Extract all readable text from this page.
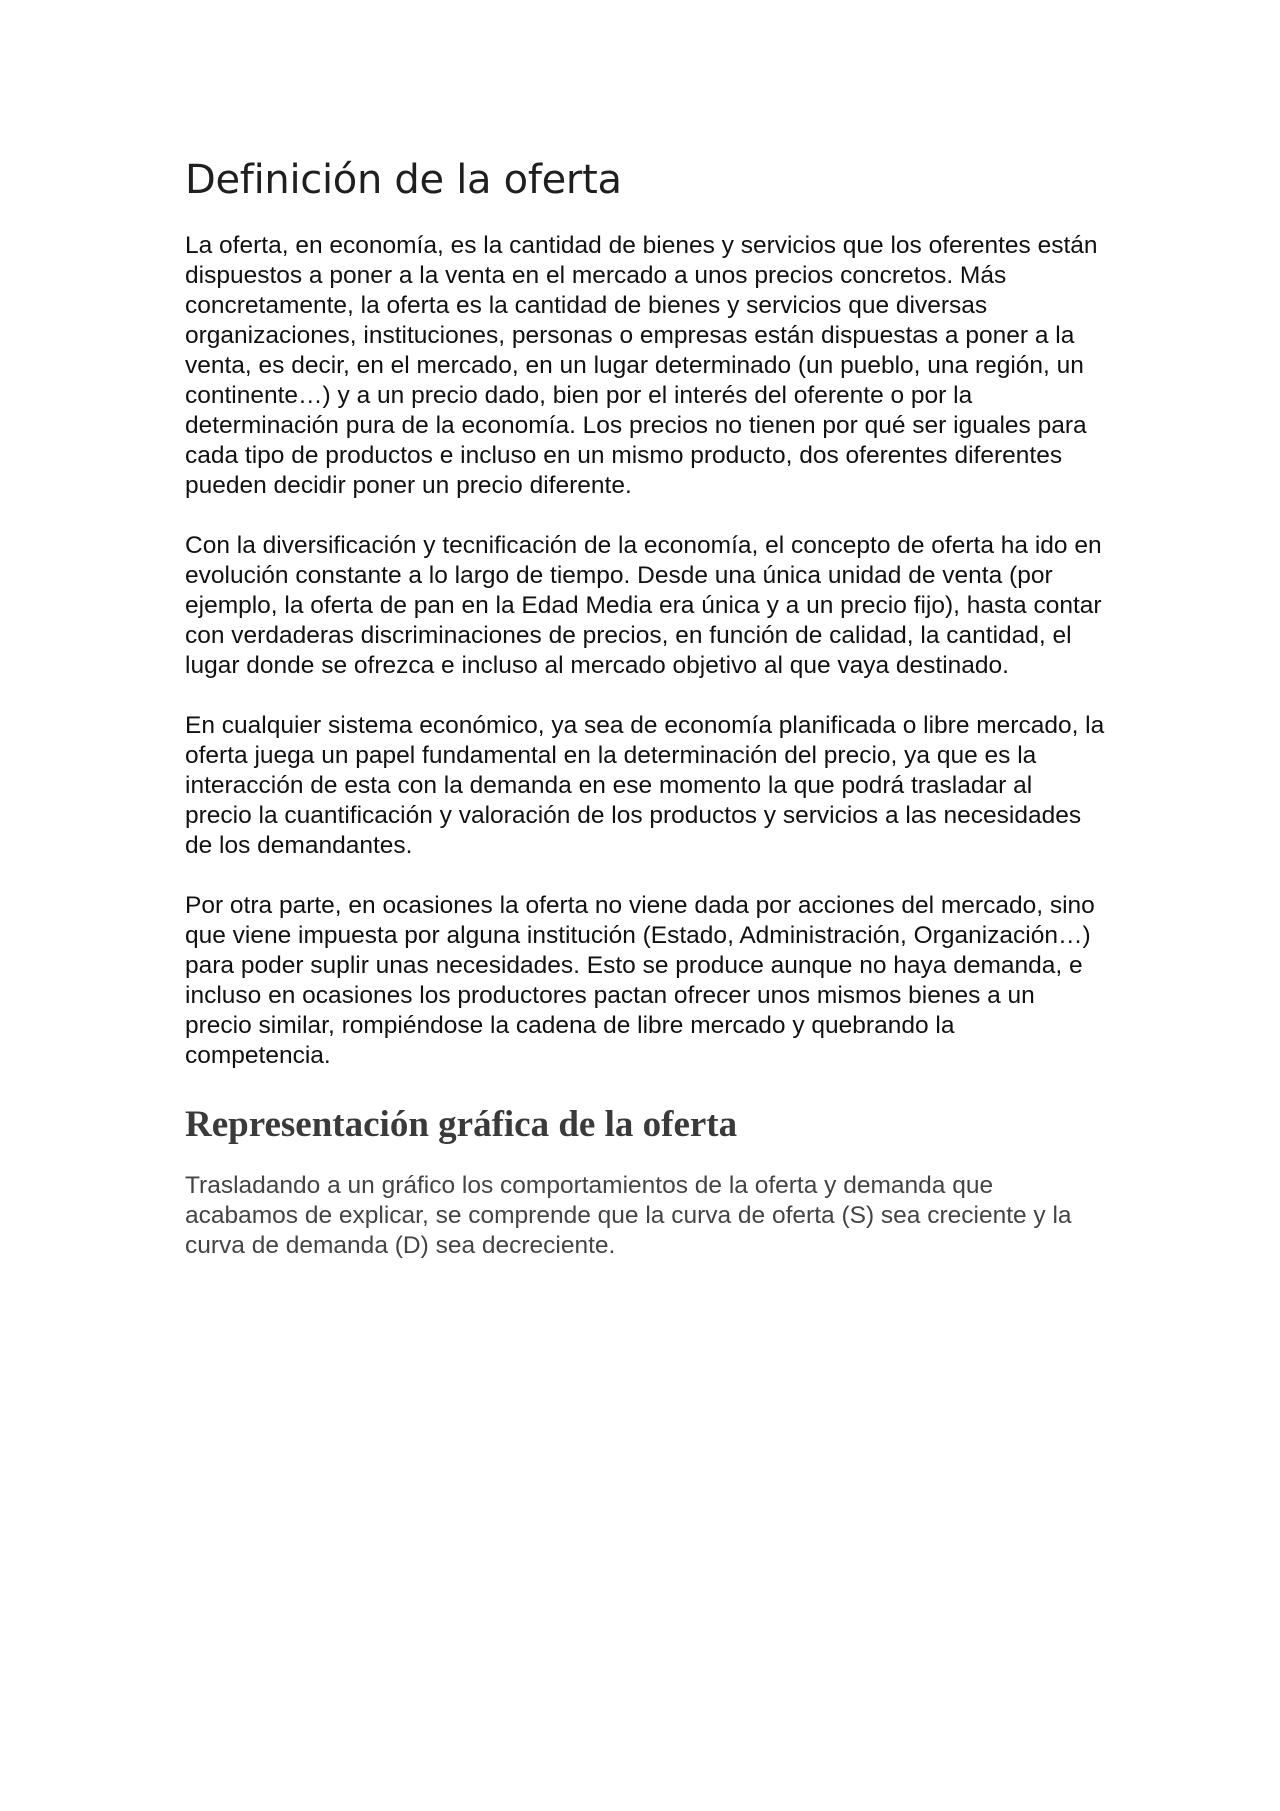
Definición de la oferta

La oferta, en economía, es la cantidad de bienes y servicios que los oferentes están dispuestos a poner a la venta en el mercado a unos precios concretos. Más concretamente, la oferta es la cantidad de bienes y servicios que diversas organizaciones, instituciones, personas o empresas están dispuestas a poner a la venta, es decir, en el mercado, en un lugar determinado (un pueblo, una región, un continente…) y a un precio dado, bien por el interés del oferente o por la determinación pura de la economía. Los precios no tienen por qué ser iguales para cada tipo de productos e incluso en un mismo producto, dos oferentes diferentes pueden decidir poner un precio diferente.

Con la diversificación y tecnificación de la economía, el concepto de oferta ha ido en evolución constante a lo largo de tiempo. Desde una única unidad de venta (por ejemplo, la oferta de pan en la Edad Media era única y a un precio fijo), hasta contar con verdaderas discriminaciones de precios, en función de calidad, la cantidad, el lugar donde se ofrezca e incluso al mercado objetivo al que vaya destinado.

En cualquier sistema económico, ya sea de economía planificada o libre mercado, la oferta juega un papel fundamental en la determinación del precio, ya que es la interacción de esta con la demanda en ese momento la que podrá trasladar al precio la cuantificación y valoración de los productos y servicios a las necesidades de los demandantes.

Por otra parte, en ocasiones la oferta no viene dada por acciones del mercado, sino que viene impuesta por alguna institución (Estado, Administración, Organización…) para poder suplir unas necesidades. Esto se produce aunque no haya demanda, e incluso en ocasiones los productores pactan ofrecer unos mismos bienes a un precio similar, rompiéndose la cadena de libre mercado y quebrando la competencia.

Representación gráfica de la oferta

Trasladando a un gráfico los comportamientos de la oferta y demanda que acabamos de explicar, se comprende que la curva de oferta (S) sea creciente y la curva de demanda (D) sea decreciente.
